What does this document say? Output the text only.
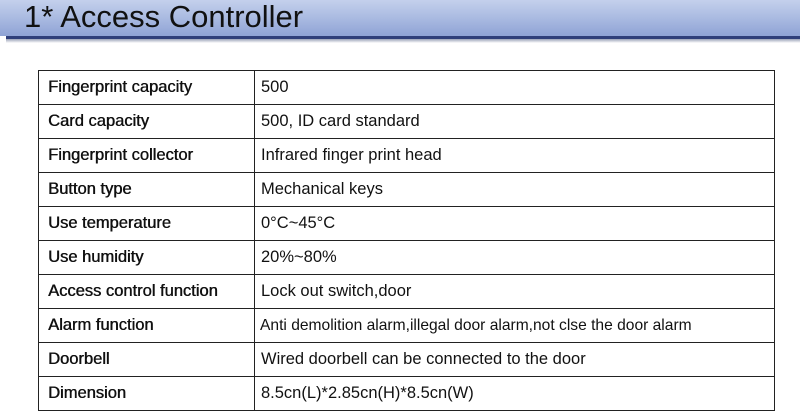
1* Access Controller
Fingerprint capacity	500
Card capacity	500, ID card standard
Fingerprint collector	Infrared finger print head
Button type	Mechanical keys
Use temperature	0°C~45°C
Use humidity	20%~80%
Access control function	Lock out switch,door
Alarm function	Anti demolition alarm,illegal door alarm,not clse the door alarm
Doorbell	Wired doorbell can be connected to the door
Dimension	8.5cn(L)*2.85cn(H)*8.5cn(W)
